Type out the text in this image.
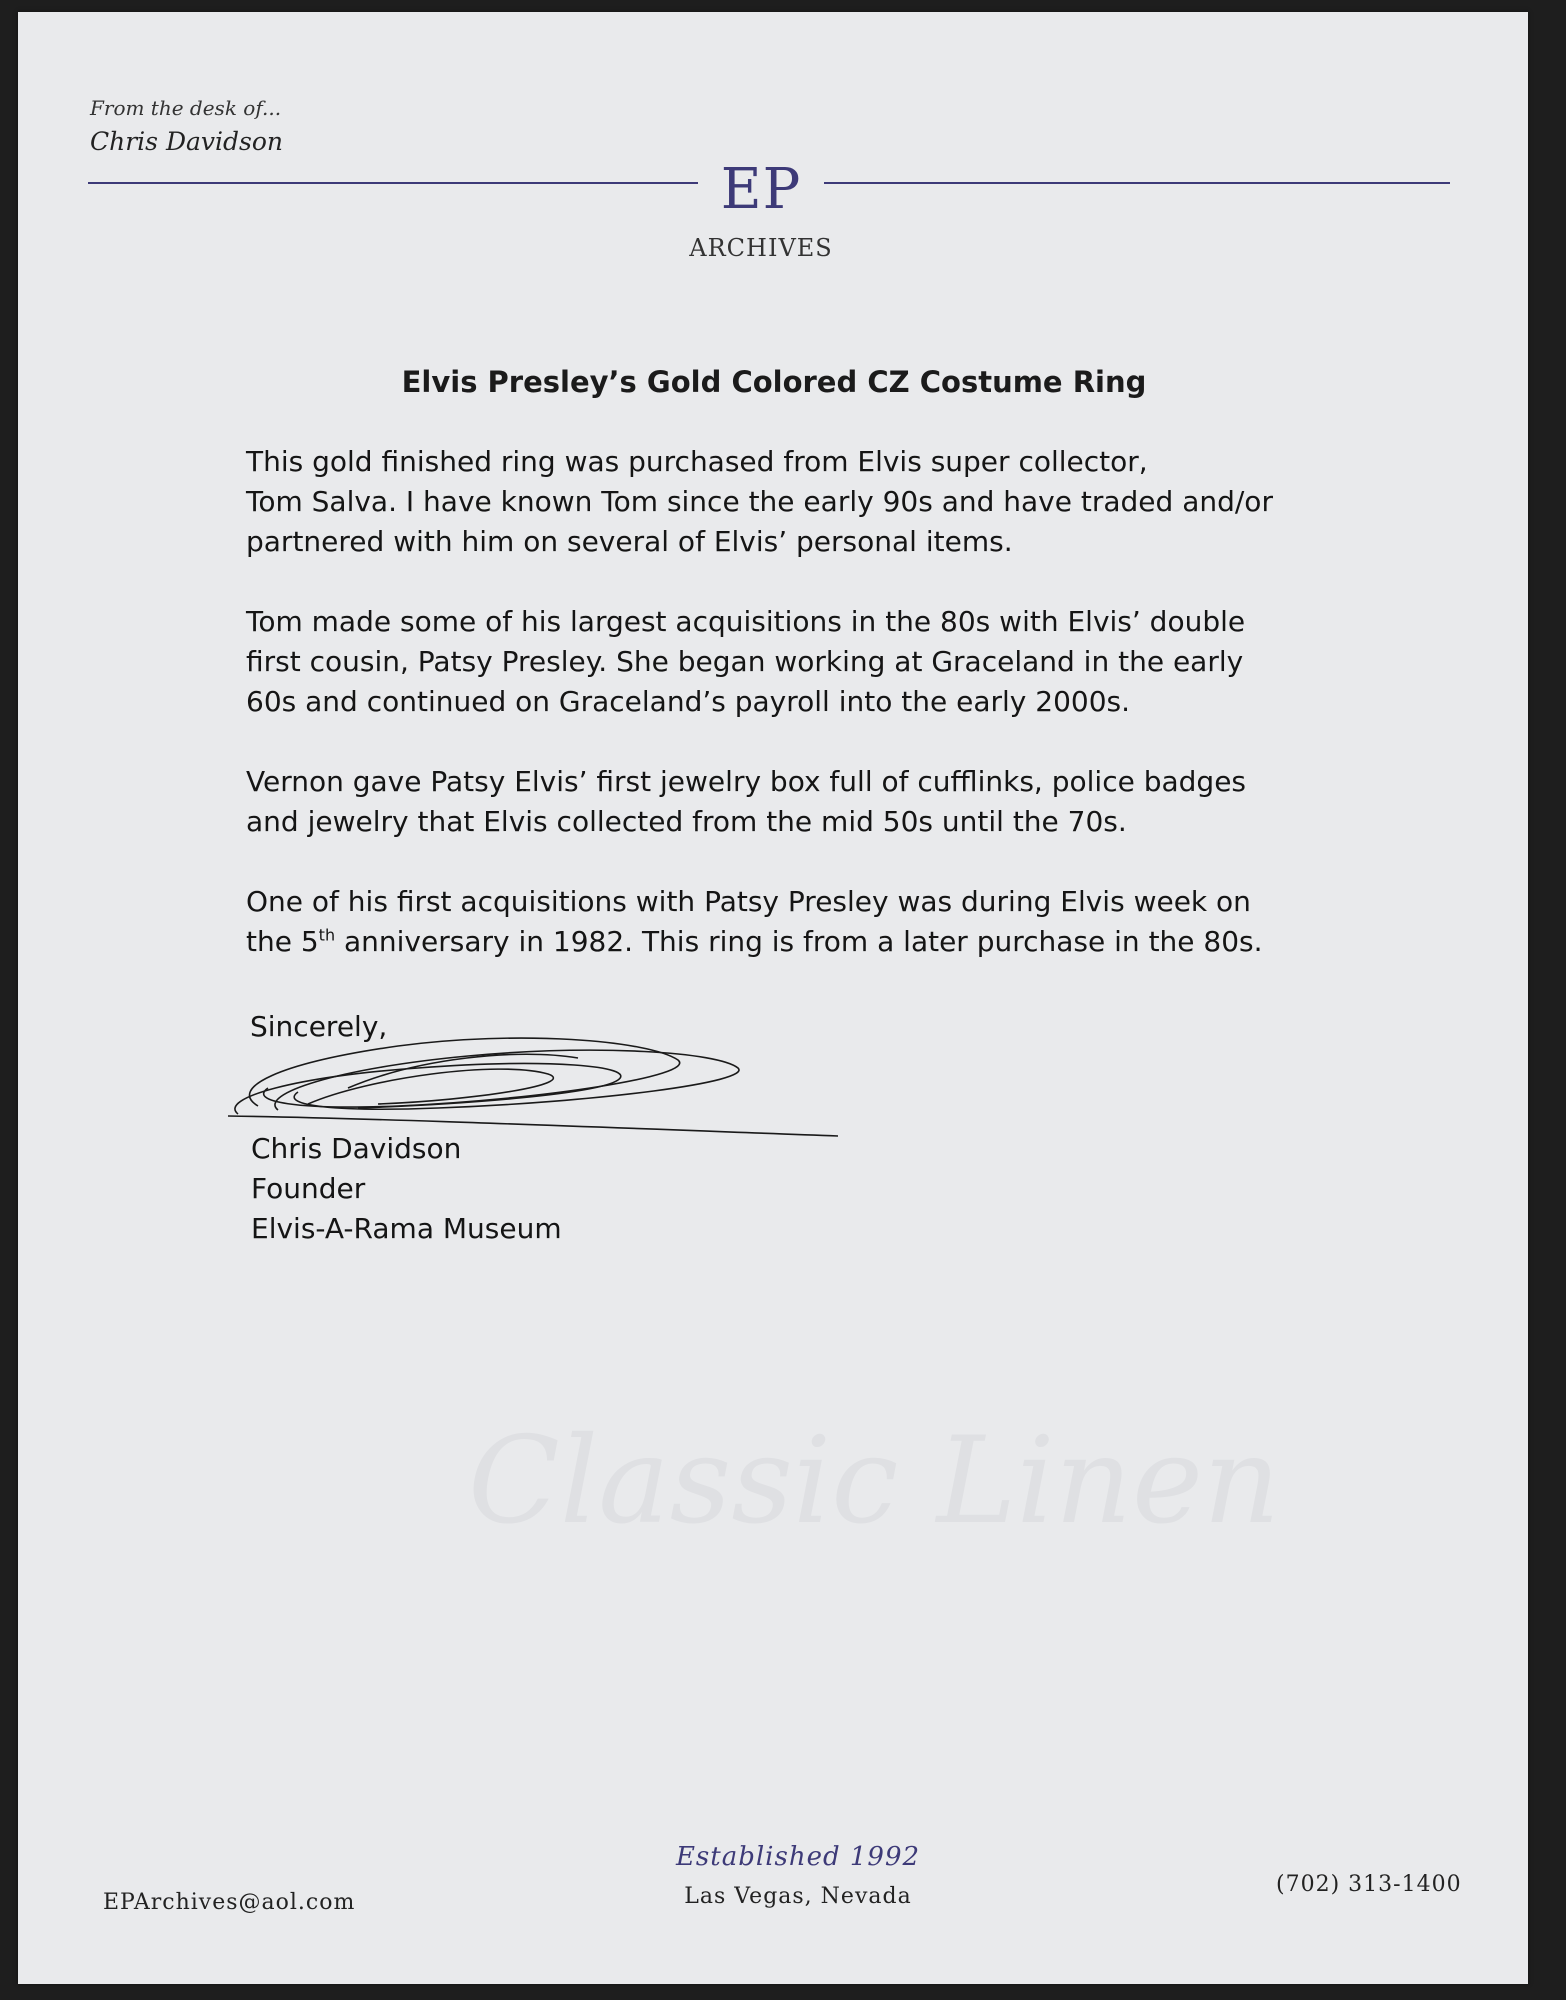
From the desk of...
Chris Davidson
EP
ARCHIVES
Elvis Presley’s Gold Colored CZ Costume Ring
This gold finished ring was purchased from Elvis super collector,
Tom Salva. I have known Tom since the early 90s and have traded and/or
partnered with him on several of Elvis’ personal items.
Tom made some of his largest acquisitions in the 80s with Elvis’ double
first cousin, Patsy Presley. She began working at Graceland in the early
60s and continued on Graceland’s payroll into the early 2000s.
Vernon gave Patsy Elvis’ first jewelry box full of cufflinks, police badges
and jewelry that Elvis collected from the mid 50s until the 70s.
One of his first acquisitions with Patsy Presley was during Elvis week on
the 5th anniversary in 1982. This ring is from a later purchase in the 80s.
Sincerely,
Chris Davidson
Founder
Elvis-A-Rama Museum
Classic Linen
Established 1992
Las Vegas, Nevada
EPArchives@aol.com
(702) 313-1400
